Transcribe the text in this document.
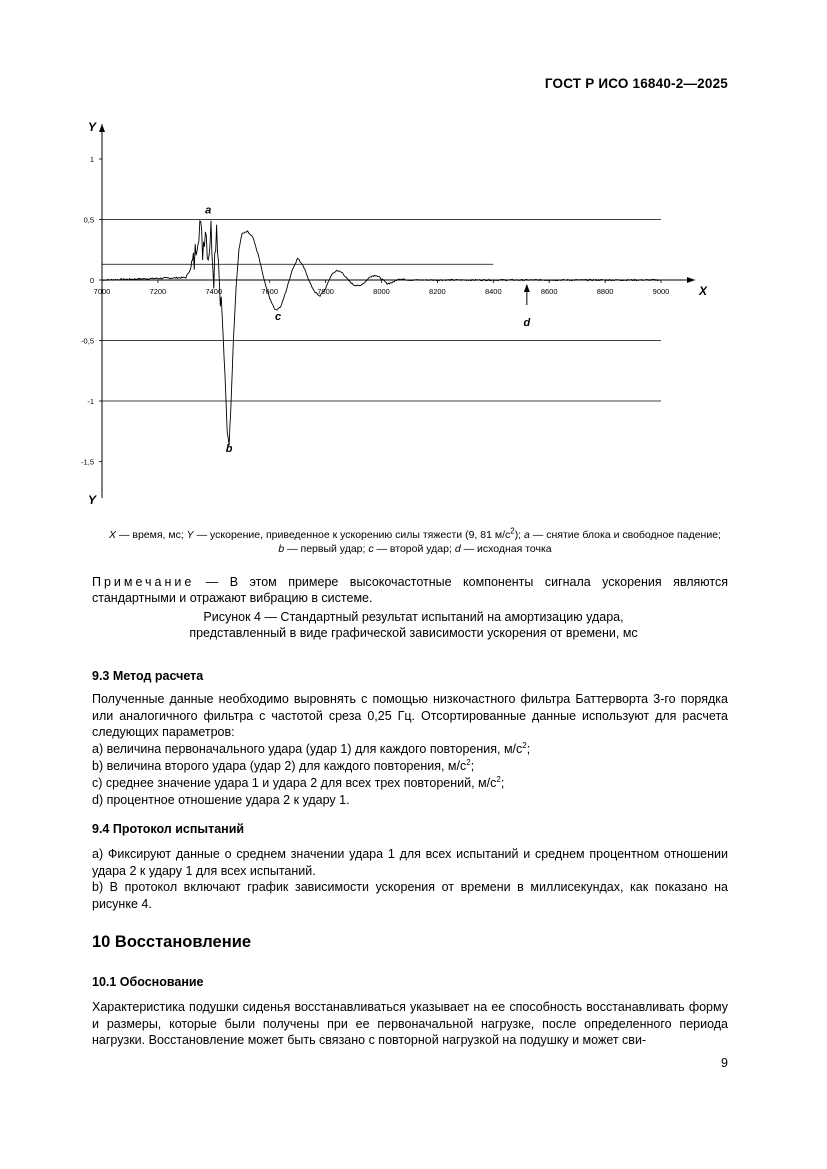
ГОСТ Р ИСО 16840-2—2025
Y
Y
X
7000	7200	7400	7600	7800	8000	8200	8400	8600	8800	9000
1
0,5
0
-0,5
-1
-1,5
a
b
c
d
X — время, мс; Y — ускорение, приведенное к ускорению силы тяжести (9, 81 $м/с^2$); a — снятие блока и свободное падение;
b — первый удар; c — второй удар; d — исходная точка
Примечание — В этом примере высокочастотные компоненты сигнала ускорения являются стандартными и отражают вибрацию в системе.
Рисунок 4 — Стандартный результат испытаний на амортизацию удара,
представленный в виде графической зависимости ускорения от времени, мс
9.3 Метод расчета
Полученные данные необходимо выровнять с помощью низкочастного фильтра Баттерворта 3-го порядка или аналогичного фильтра с частотой среза 0,25 Гц. Отсортированные данные используют для расчета следующих параметров:
a) величина первоначального удара (удар 1) для каждого повторения, $м/с^2$;
b) величина второго удара (удар 2) для каждого повторения, $м/с^2$;
c) среднее значение удара 1 и удара 2 для всех трех повторений, $м/с^2$;
d) процентное отношение удара 2 к удару 1.
9.4 Протокол испытаний
a) Фиксируют данные о среднем значении удара 1 для всех испытаний и среднем процентном отношении удара 2 к удару 1 для всех испытаний.
b) В протокол включают график зависимости ускорения от времени в миллисекундах, как показано на рисунке 4.
10 Восстановление
10.1 Обоснование
Характеристика подушки сиденья восстанавливаться указывает на ее способность восстанавливать форму и размеры, которые были получены при ее первоначальной нагрузке, после определенного периода нагрузки. Восстановление может быть связано с повторной нагрузкой на подушку и может сви-
9
